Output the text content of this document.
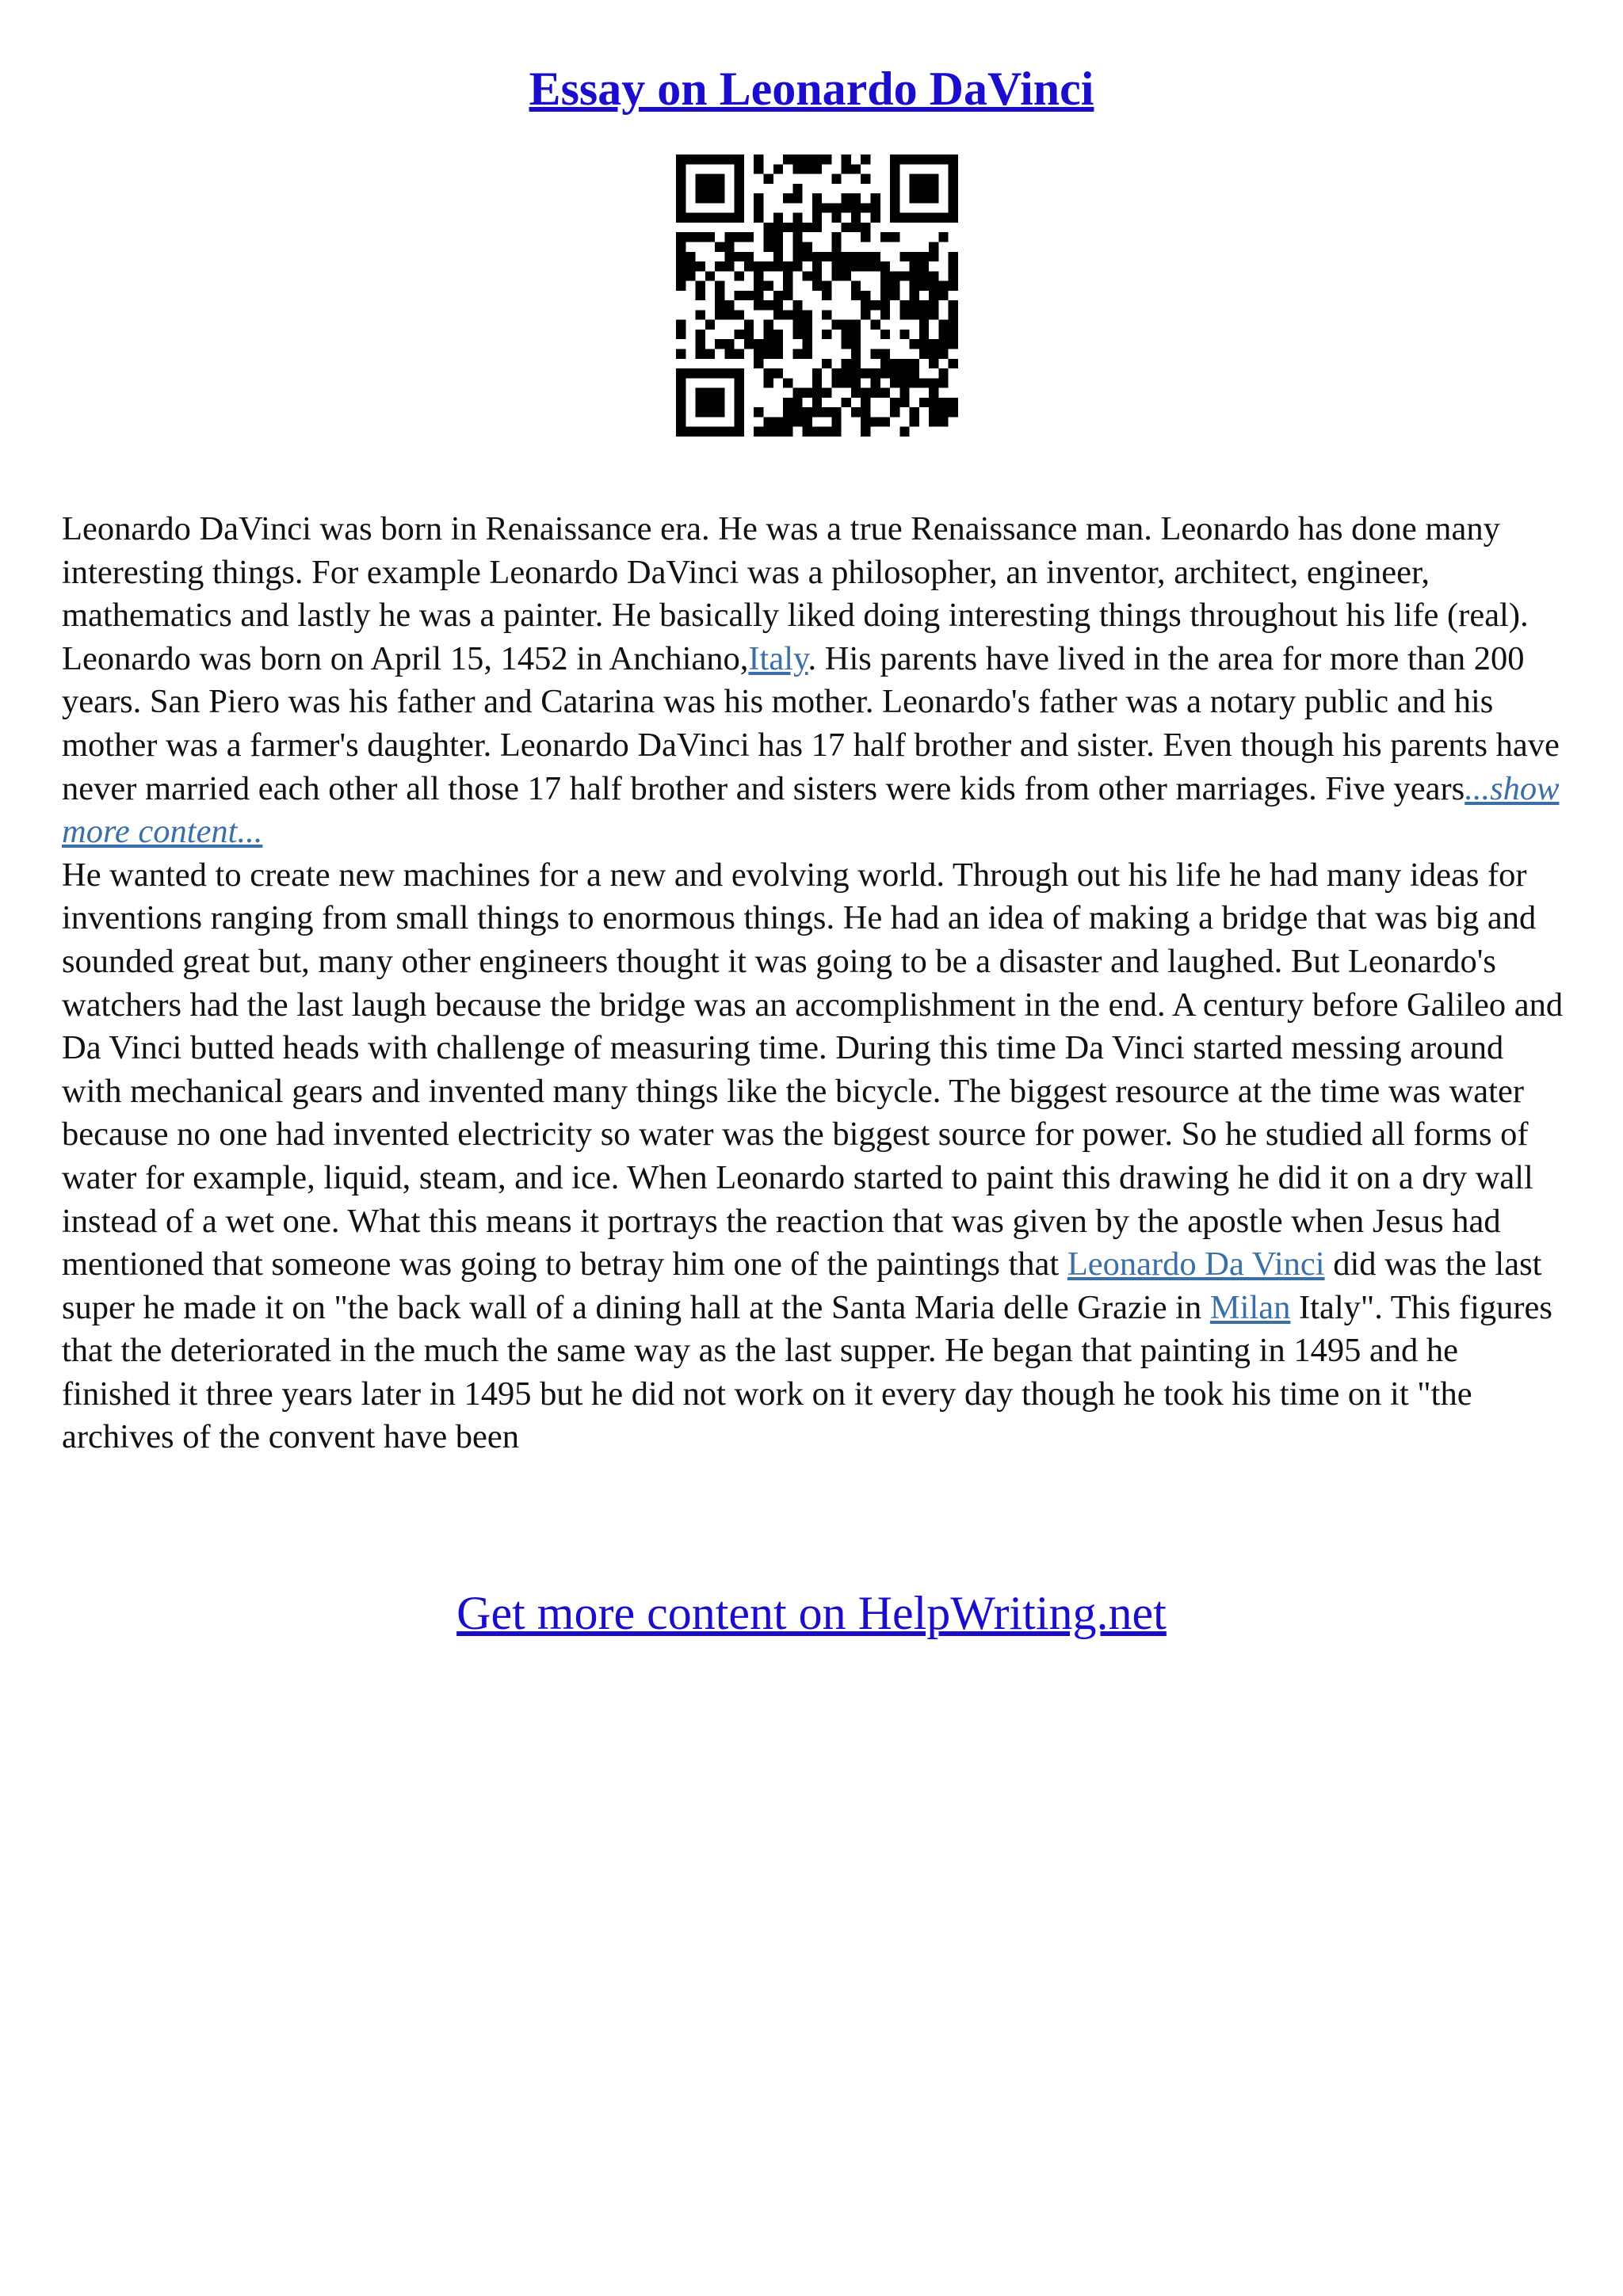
Essay on Leonardo DaVinci

Leonardo DaVinci was born in Renaissance era. He was a true Renaissance man. Leonardo has done many interesting things. For example Leonardo DaVinci was a philosopher, an inventor, architect, engineer, mathematics and lastly he was a painter. He basically liked doing interesting things throughout his life (real).

Leonardo was born on April 15, 1452 in Anchiano,Italy. His parents have lived in the area for more than 200 years. San Piero was his father and Catarina was his mother. Leonardo's father was a notary public and his mother was a farmer's daughter. Leonardo DaVinci has 17 half brother and sister. Even though his parents have never married each other all those 17 half brother and sisters were kids from other marriages. Five years...show more content...

He wanted to create new machines for a new and evolving world. Through out his life he had many ideas for inventions ranging from small things to enormous things. He had an idea of making a bridge that was big and sounded great but, many other engineers thought it was going to be a disaster and laughed. But Leonardo's watchers had the last laugh because the bridge was an accomplishment in the end. A century before Galileo and Da Vinci butted heads with challenge of measuring time. During this time Da Vinci started messing around with mechanical gears and invented many things like the bicycle. The biggest resource at the time was water because no one had invented electricity so water was the biggest source for power. So he studied all forms of water for example, liquid, steam, and ice. When Leonardo started to paint this drawing he did it on a dry wall instead of a wet one. What this means it portrays the reaction that was given by the apostle when Jesus had mentioned that someone was going to betray him one of the paintings that Leonardo Da Vinci did was the last super he made it on "the back wall of a dining hall at the Santa Maria delle Grazie in Milan Italy". This figures that the deteriorated in the much the same way as the last supper. He began that painting in 1495 and he finished it three years later in 1495 but he did not work on it every day though he took his time on it "the archives of the convent have been

Get more content on HelpWriting.net
